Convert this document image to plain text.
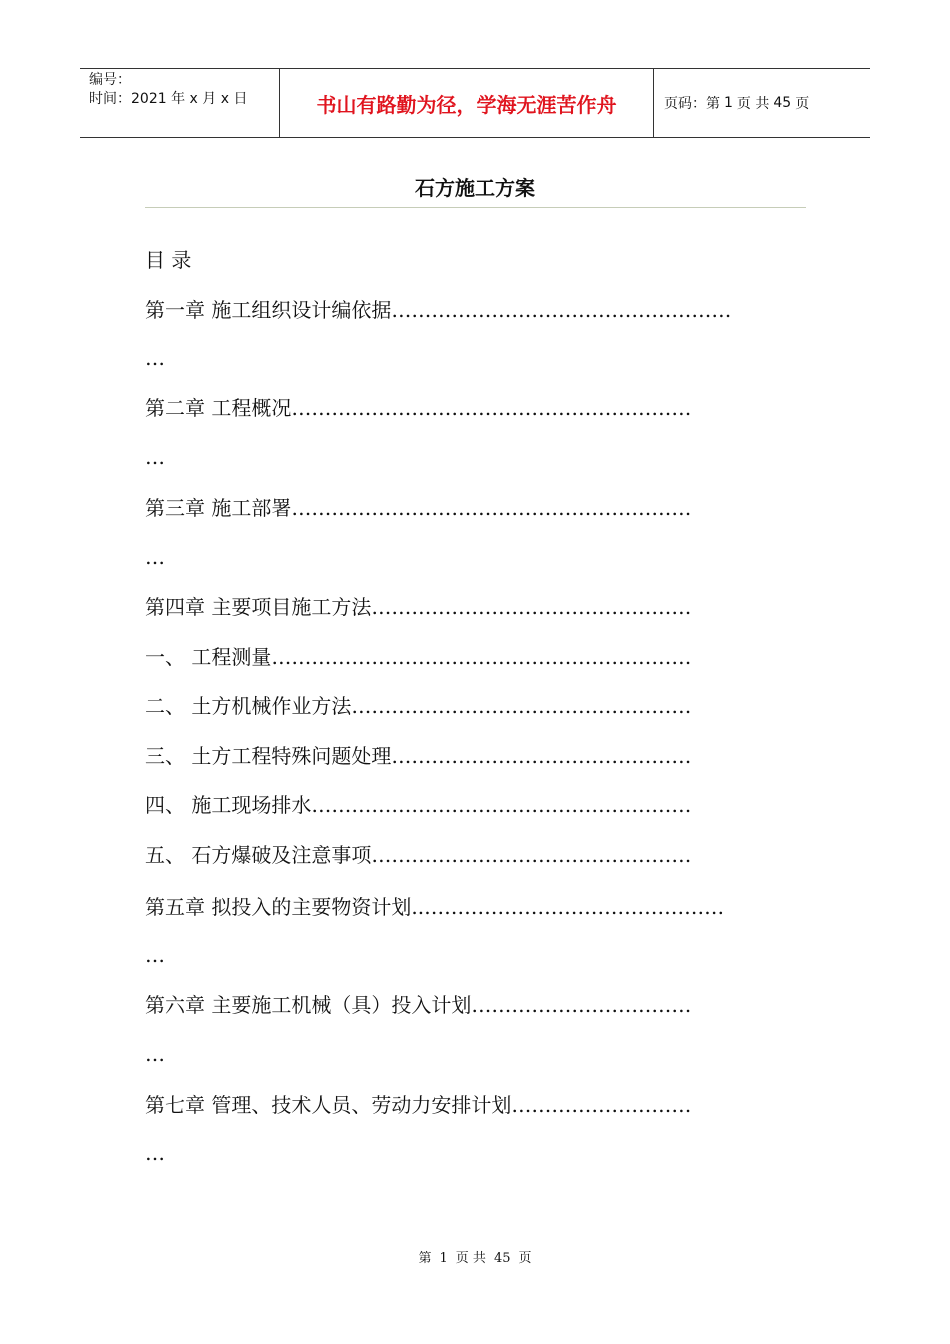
编号：
时间：2021 年 x 月 x 日	书山有路勤为径，学海无涯苦作舟	页码：第 1 页 共 45 页
石方施工方案
目 录
第一章 施工组织设计编依据……………………………………………
…
第二章 工程概况……………………………………………………
…
第三章 施工部署……………………………………………………
…
第四章 主要项目施工方法…………………………………………
一、 工程测量………………………………………………………
二、 土方机械作业方法……………………………………………
三、 土方工程特殊问题处理………………………………………
四、 施工现场排水…………………………………………………
五、 石方爆破及注意事项…………………………………………
第五章 拟投入的主要物资计划..………………………………………
…
第六章 主要施工机械（具）投入计划……………………………
…
第七章 管理、技术人员、劳动力安排计划………………………
…
第 1 页 共 45 页
